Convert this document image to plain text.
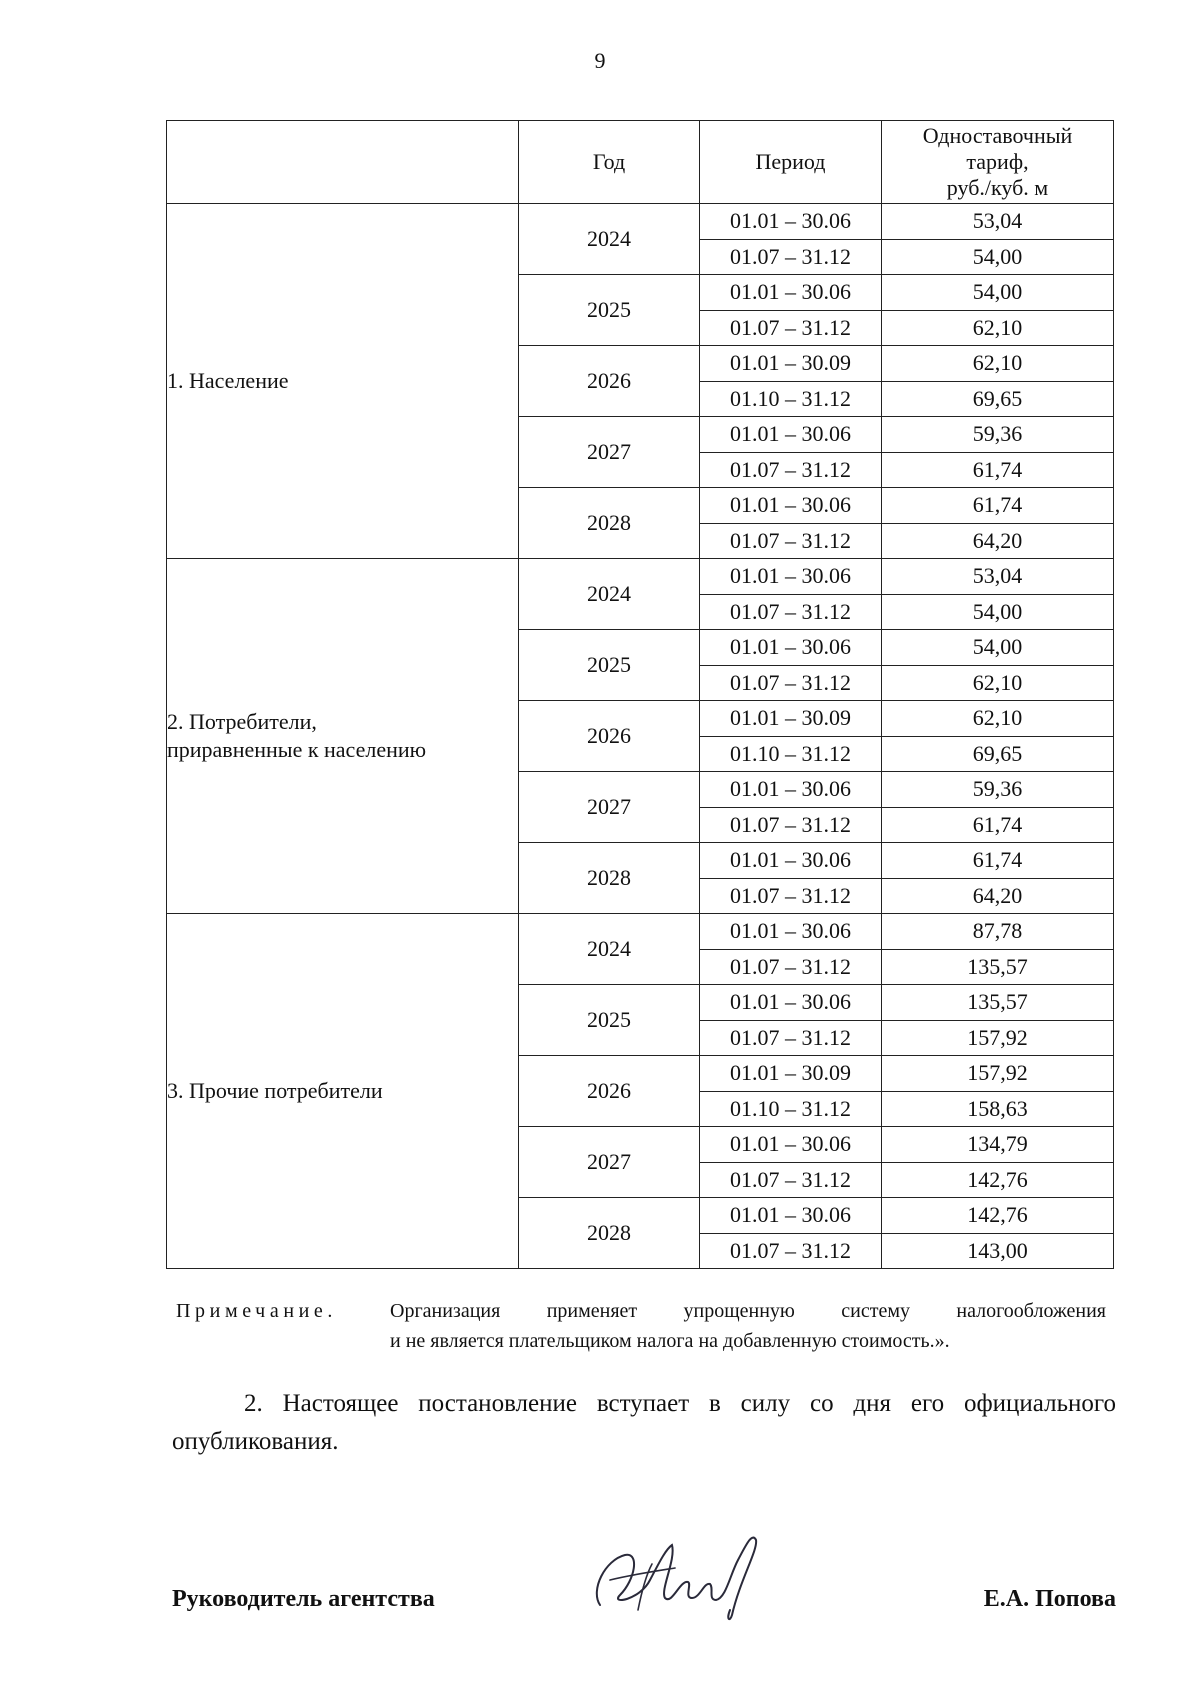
9
	Год	Период	Одноставочный
тариф,
руб./куб. м
1. Население	2024	01.01 – 30.06	53,04
		01.07 – 31.12	54,00
	2025	01.01 – 30.06	54,00
		01.07 – 31.12	62,10
	2026	01.01 – 30.09	62,10
		01.10 – 31.12	69,65
	2027	01.01 – 30.06	59,36
		01.07 – 31.12	61,74
	2028	01.01 – 30.06	61,74
		01.07 – 31.12	64,20
2. Потребители,
приравненные к населению	2024	01.01 – 30.06	53,04
		01.07 – 31.12	54,00
	2025	01.01 – 30.06	54,00
		01.07 – 31.12	62,10
	2026	01.01 – 30.09	62,10
		01.10 – 31.12	69,65
	2027	01.01 – 30.06	59,36
		01.07 – 31.12	61,74
	2028	01.01 – 30.06	61,74
		01.07 – 31.12	64,20
3. Прочие потребители	2024	01.01 – 30.06	87,78
		01.07 – 31.12	135,57
	2025	01.01 – 30.06	135,57
		01.07 – 31.12	157,92
	2026	01.01 – 30.09	157,92
		01.10 – 31.12	158,63
	2027	01.01 – 30.06	134,79
		01.07 – 31.12	142,76
	2028	01.01 – 30.06	142,76
		01.07 – 31.12	143,00
Примечание.	Организация применяет упрощенную систему налогообложения
и не является плательщиком налога на добавленную стоимость.».
2. Настоящее постановление вступает в силу со дня его официального опубликования.
Руководитель агентства	Е.А. Попова
